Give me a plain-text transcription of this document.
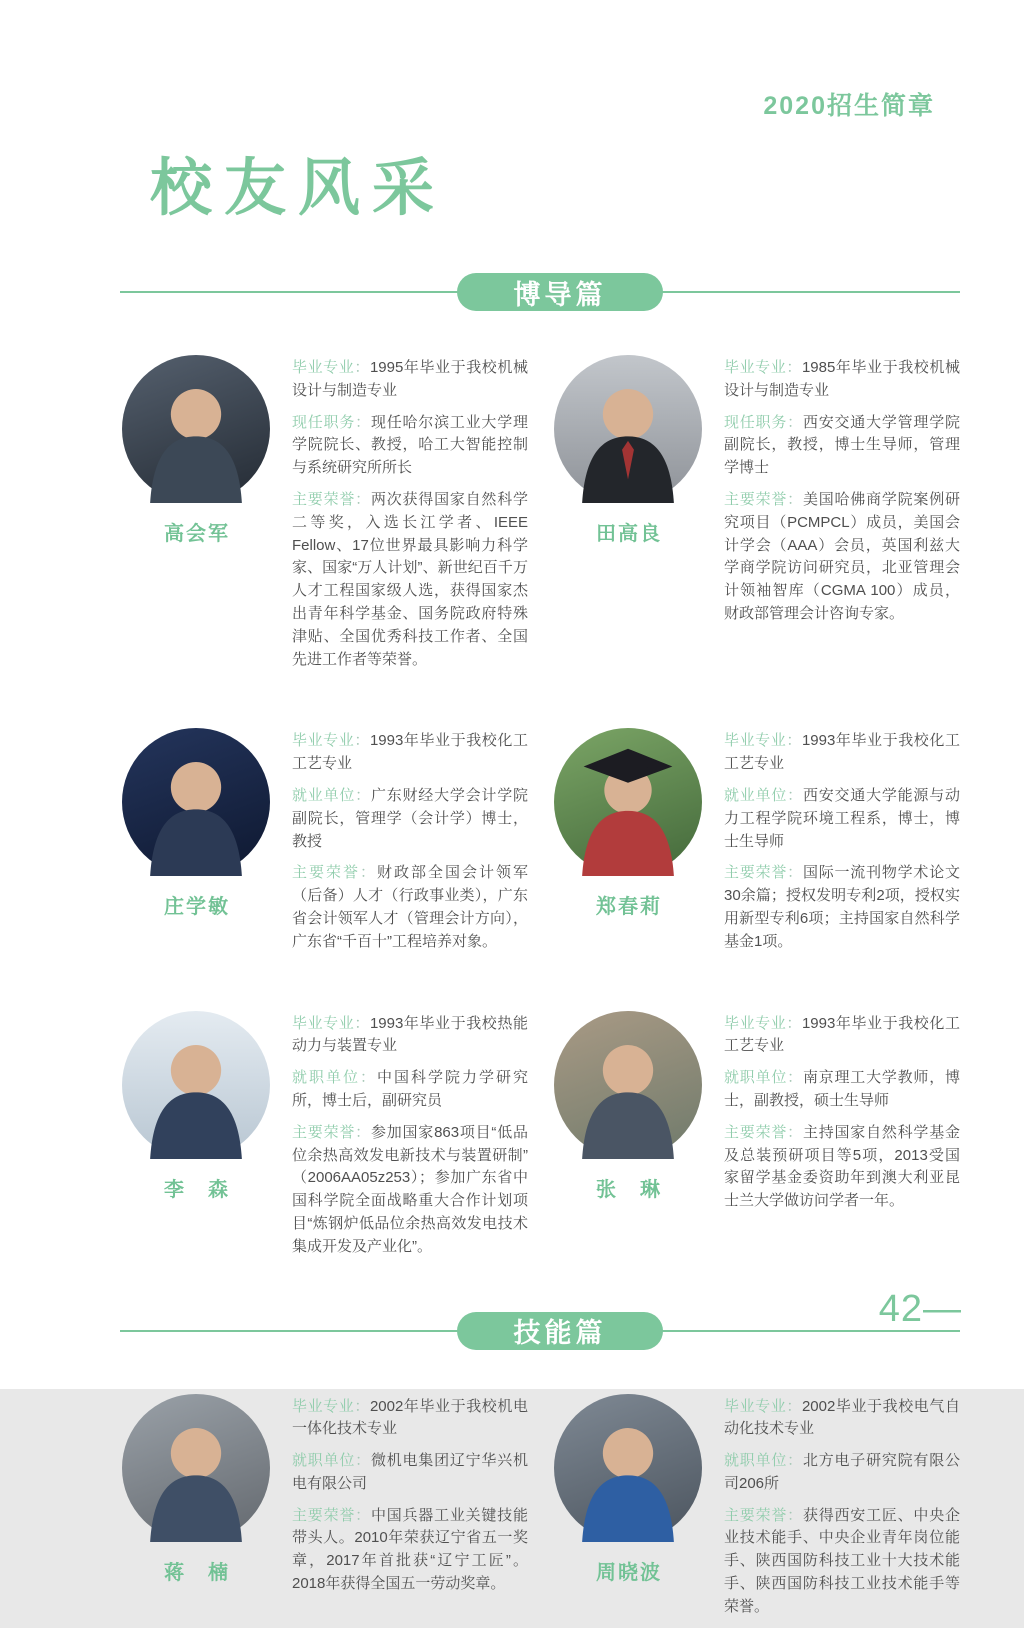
2020招生简章
校友风采
博导篇
高会军

毕业专业：1995年毕业于我校机械设计与制造专业

现任职务：现任哈尔滨工业大学理学院院长、教授，哈工大智能控制与系统研究所所长

主要荣誉：两次获得国家自然科学二等奖，入选长江学者、IEEE Fellow、17位世界最具影响力科学家、国家“万人计划”、新世纪百千万人才工程国家级人选，获得国家杰出青年科学基金、国务院政府特殊津贴、全国优秀科技工作者、全国先进工作者等荣誉。

田高良

毕业专业：1985年毕业于我校机械设计与制造专业

现任职务：西安交通大学管理学院副院长，教授，博士生导师，管理学博士

主要荣誉：美国哈佛商学院案例研究项目（PCMPCL）成员，美国会计学会（AAA）会员，英国利兹大学商学院访问研究员，北亚管理会计领袖智库（CGMA 100）成员，财政部管理会计咨询专家。

庄学敏

毕业专业：1993年毕业于我校化工工艺专业

就业单位：广东财经大学会计学院副院长，管理学（会计学）博士，教授

主要荣誉：财政部全国会计领军（后备）人才（行政事业类），广东省会计领军人才（管理会计方向），广东省“千百十”工程培养对象。

郑春莉

毕业专业：1993年毕业于我校化工工艺专业

就业单位：西安交通大学能源与动力工程学院环境工程系，博士，博士生导师

主要荣誉：国际一流刊物学术论文30余篇；授权发明专利2项，授权实用新型专利6项；主持国家自然科学基金1项。

李　森

毕业专业：1993年毕业于我校热能动力与装置专业

就职单位：中国科学院力学研究所，博士后，副研究员

主要荣誉：参加国家863项目“低品位余热高效发电新技术与装置研制”（2006AA05z253）；参加广东省中国科学院全面战略重大合作计划项目“炼钢炉低品位余热高效发电技术集成开发及产业化”。

张　琳

毕业专业：1993年毕业于我校化工工艺专业

就职单位：南京理工大学教师，博士，副教授，硕士生导师

主要荣誉：主持国家自然科学基金及总装预研项目等5项，2013受国家留学基金委资助年到澳大利亚昆士兰大学做访问学者一年。

技能篇
蒋　楠

毕业专业：2002年毕业于我校机电一体化技术专业

就职单位：微机电集团辽宁华兴机电有限公司

主要荣誉：中国兵器工业关键技能带头人。2010年荣获辽宁省五一奖章，2017年首批获“辽宁工匠”。2018年获得全国五一劳动奖章。

周晓波

毕业专业：2002毕业于我校电气自动化技术专业

就职单位：北方电子研究院有限公司206所

主要荣誉：获得西安工匠、中央企业技术能手、中央企业青年岗位能手、陕西国防科技工业十大技术能手、陕西国防科技工业技术能手等荣誉。

42—
